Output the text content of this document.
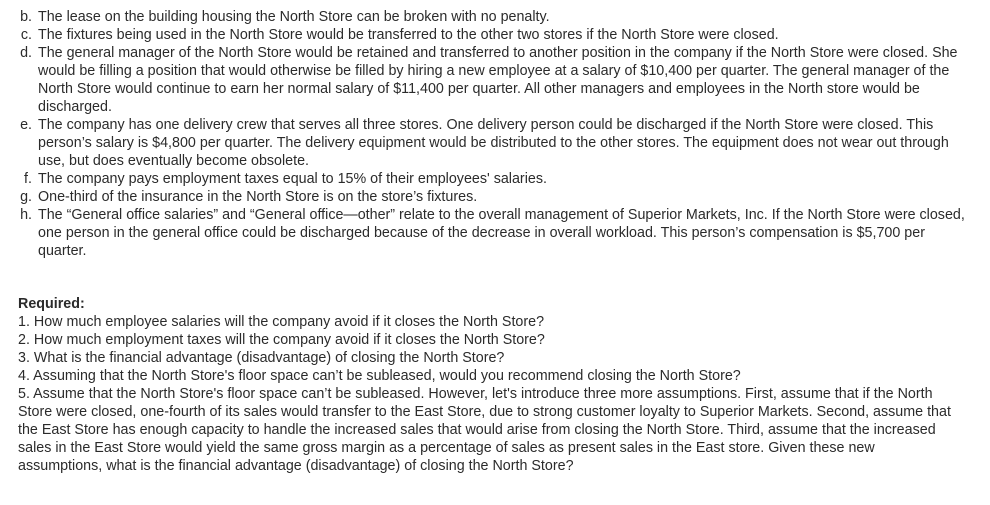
b. The lease on the building housing the North Store can be broken with no penalty.
c. The fixtures being used in the North Store would be transferred to the other two stores if the North Store were closed.
d. The general manager of the North Store would be retained and transferred to another position in the company if the North Store were closed. She would be filling a position that would otherwise be filled by hiring a new employee at a salary of $10,400 per quarter. The general manager of the North Store would continue to earn her normal salary of $11,400 per quarter. All other managers and employees in the North store would be discharged.
e. The company has one delivery crew that serves all three stores. One delivery person could be discharged if the North Store were closed. This person’s salary is $4,800 per quarter. The delivery equipment would be distributed to the other stores. The equipment does not wear out through use, but does eventually become obsolete.
f. The company pays employment taxes equal to 15% of their employees' salaries.
g. One-third of the insurance in the North Store is on the store’s fixtures.
h. The “General office salaries” and “General office—other” relate to the overall management of Superior Markets, Inc. If the North Store were closed, one person in the general office could be discharged because of the decrease in overall workload. This person’s compensation is $5,700 per quarter.
Required:
1. How much employee salaries will the company avoid if it closes the North Store?
2. How much employment taxes will the company avoid if it closes the North Store?
3. What is the financial advantage (disadvantage) of closing the North Store?
4. Assuming that the North Store's floor space can’t be subleased, would you recommend closing the North Store?
5. Assume that the North Store's floor space can’t be subleased. However, let's introduce three more assumptions. First, assume that if the North Store were closed, one-fourth of its sales would transfer to the East Store, due to strong customer loyalty to Superior Markets. Second, assume that the East Store has enough capacity to handle the increased sales that would arise from closing the North Store. Third, assume that the increased sales in the East Store would yield the same gross margin as a percentage of sales as present sales in the East store. Given these new assumptions, what is the financial advantage (disadvantage) of closing the North Store?
